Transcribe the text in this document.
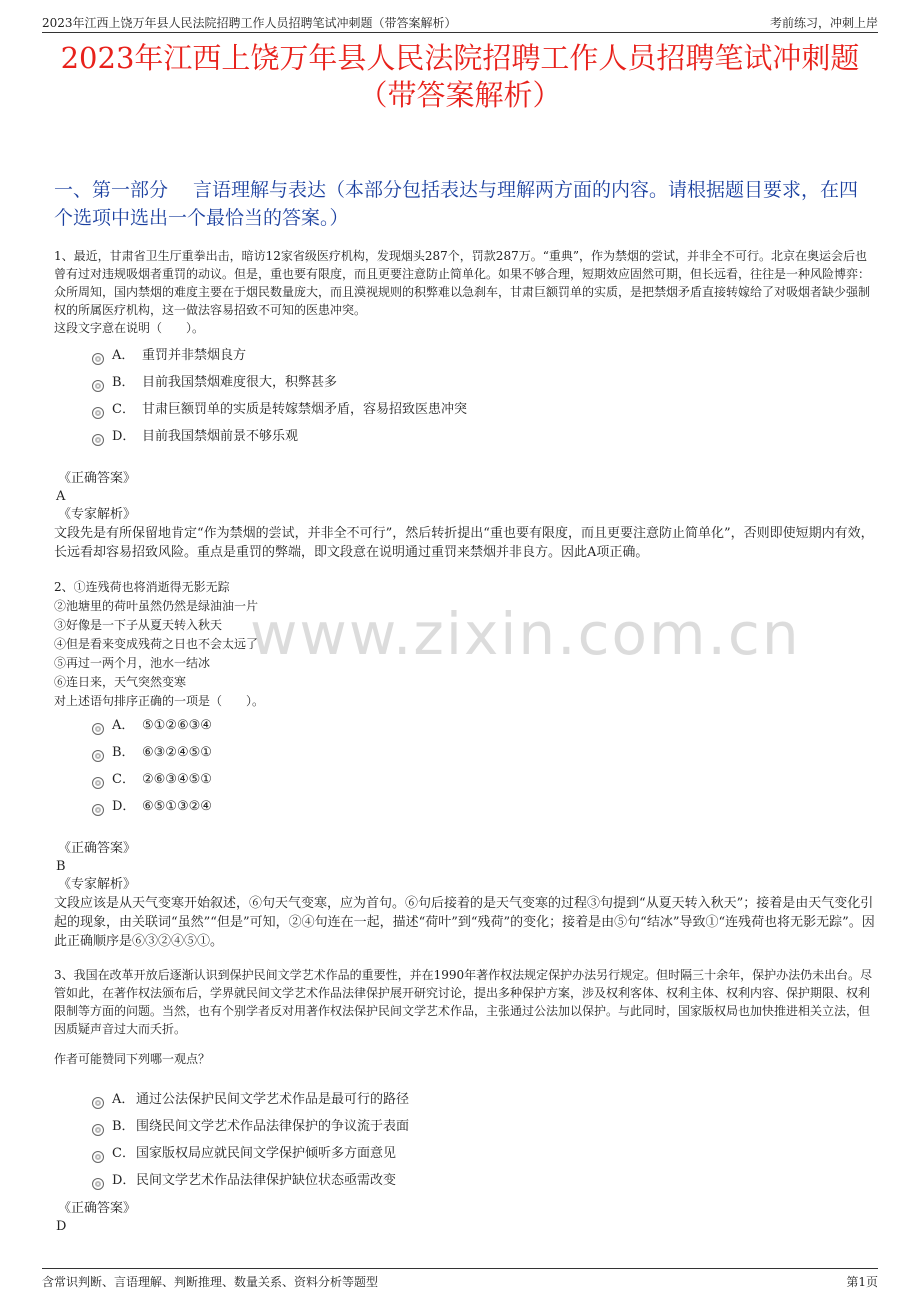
2023年江西上饶万年县人民法院招聘工作人员招聘笔试冲刺题（带答案解析）	考前练习，冲刺上岸
2023年江西上饶万年县人民法院招聘工作人员招聘笔试冲刺题
（带答案解析）
一、第一部分　 言语理解与表达（本部分包括表达与理解两方面的内容。请根据题目要求，在四个选项中选出一个最恰当的答案。）
www.zixin.com.cn

1、最近，甘肃省卫生厅重拳出击，暗访12家省级医疗机构，发现烟头287个，罚款287万。“重典”，作为禁烟的尝试，并非全不可行。北京在奥运会后也曾有过对违规吸烟者重罚的动议。但是，重也要有限度，而且更要注意防止简单化。如果不够合理，短期效应固然可期，但长远看，往往是一种风险博弈：众所周知，国内禁烟的难度主要在于烟民数量庞大，而且漠视规则的积弊难以急刹车，甘肃巨额罚单的实质，是把禁烟矛盾直接转嫁给了对吸烟者缺少强制权的所属医疗机构，这一做法容易招致不可知的医患冲突。

这段文字意在说明（　　）。

A． 重罚并非禁烟良方
B． 目前我国禁烟难度很大，积弊甚多
C． 甘肃巨额罚单的实质是转嫁禁烟矛盾，容易招致医患冲突
D． 目前我国禁烟前景不够乐观
《正确答案》
A
《专家解析》
文段先是有所保留地肯定“作为禁烟的尝试，并非全不可行”，然后转折提出“重也要有限度，而且更要注意防止简单化”，否则即使短期内有效，长远看却容易招致风险。重点是重罚的弊端，即文段意在说明通过重罚来禁烟并非良方。因此A项正确。

2、①连残荷也将消逝得无影无踪

②池塘里的荷叶虽然仍然是绿油油一片

③好像是一下子从夏天转入秋天

④但是看来变成残荷之日也不会太远了

⑤再过一两个月，池水一结冰

⑥连日来，天气突然变寒

对上述语句排序正确的一项是（　　）。

A． ⑤①②⑥③④
B． ⑥③②④⑤①
C． ②⑥③④⑤①
D． ⑥⑤①③②④
《正确答案》
B
《专家解析》
文段应该是从天气变寒开始叙述，⑥句天气变寒，应为首句。⑥句后接着的是天气变寒的过程③句提到“从夏天转入秋天”；接着是由天气变化引起的现象，由关联词“虽然”“但是”可知，②④句连在一起，描述“荷叶”到“残荷”的变化；接着是由⑤句“结冰”导致①“连残荷也将无影无踪”。因此正确顺序是⑥③②④⑤①。

3、我国在改革开放后逐渐认识到保护民间文学艺术作品的重要性，并在1990年著作权法规定保护办法另行规定。但时隔三十余年，保护办法仍未出台。尽管如此，在著作权法颁布后，学界就民间文学艺术作品法律保护展开研究讨论，提出多种保护方案，涉及权利客体、权利主体、权利内容、保护期限、权利限制等方面的问题。当然，也有个别学者反对用著作权法保护民间文学艺术作品，主张通过公法加以保护。与此同时，国家版权局也加快推进相关立法，但因质疑声音过大而夭折。

作者可能赞同下列哪一观点？

A． 通过公法保护民间文学艺术作品是最可行的路径
B． 围绕民间文学艺术作品法律保护的争议流于表面
C． 国家版权局应就民间文学保护倾听多方面意见
D． 民间文学艺术作品法律保护缺位状态亟需改变
《正确答案》
D
含常识判断、言语理解、判断推理、数量关系、资料分析等题型	第1页
